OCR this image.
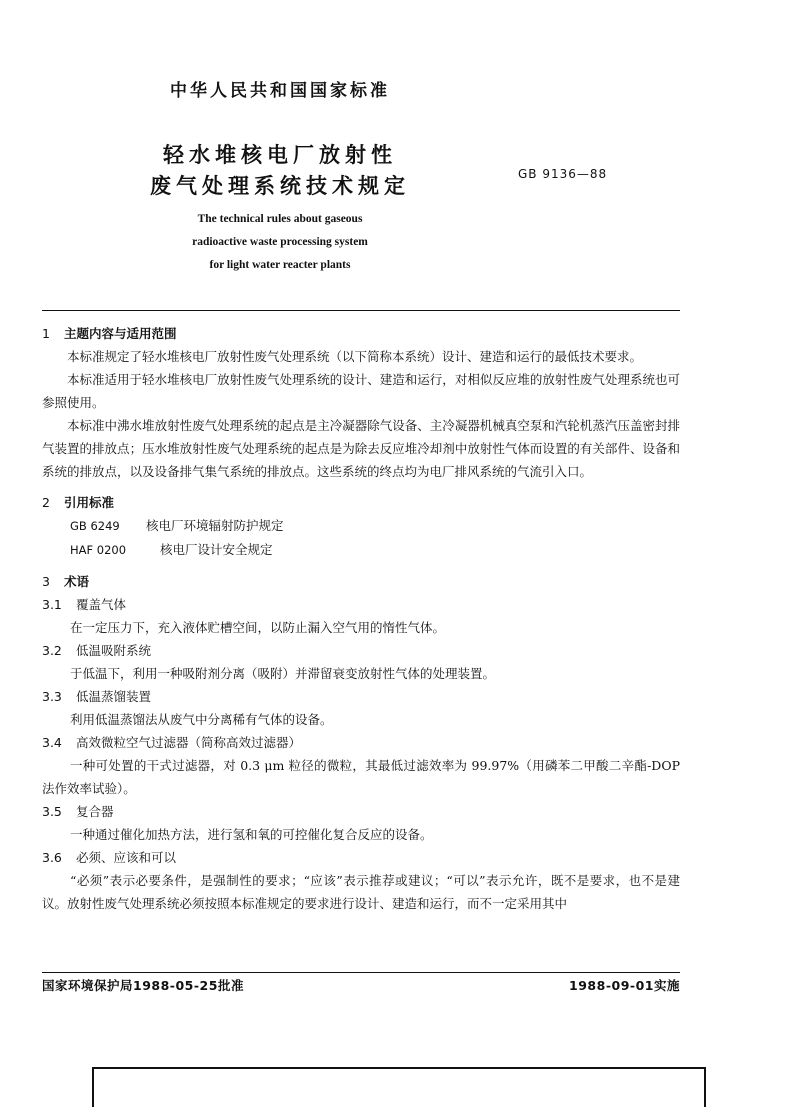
中华人民共和国国家标准
轻水堆核电厂放射性
废气处理系统技术规定	GB 9136—88
The technical rules about gaseous
radioactive waste processing system
for light water reacter plants
1 主题内容与适用范围
本标准规定了轻水堆核电厂放射性废气处理系统（以下简称本系统）设计、建造和运行的最低技术要求。
本标准适用于轻水堆核电厂放射性废气处理系统的设计、建造和运行，对相似反应堆的放射性废气处理系统也可参照使用。
本标准中沸水堆放射性废气处理系统的起点是主冷凝器除气设备、主冷凝器机械真空泵和汽轮机蒸汽压盖密封排气装置的排放点；压水堆放射性废气处理系统的起点是为除去反应堆冷却剂中放射性气体而设置的有关部件、设备和系统的排放点，以及设备排气集气系统的排放点。这些系统的终点均为电厂排风系统的气流引入口。
2 引用标准
GB 6249 核电厂环境辐射防护规定
HAF 0200	核电厂设计安全规定
3 术语
3.1 覆盖气体
在一定压力下，充入液体贮槽空间，以防止漏入空气用的惰性气体。
3.2 低温吸附系统
于低温下，利用一种吸附剂分离（吸附）并滞留衰变放射性气体的处理装置。
3.3 低温蒸馏装置
利用低温蒸馏法从废气中分离稀有气体的设备。
3.4 高效微粒空气过滤器（简称高效过滤器）
一种可处置的干式过滤器，对 0.3 μm 粒径的微粒，其最低过滤效率为 99.97%（用磷苯二甲酸二辛酯-DOP 法作效率试验）。
3.5 复合器
一种通过催化加热方法，进行氢和氧的可控催化复合反应的设备。
3.6 必须、应该和可以
“必须”表示必要条件，是强制性的要求；“应该”表示推荐或建议；“可以”表示允许，既不是要求，也不是建议。放射性废气处理系统必须按照本标准规定的要求进行设计、建造和运行，而不一定采用其中
国家环境保护局1988-05-25批准	1988-09-01实施
